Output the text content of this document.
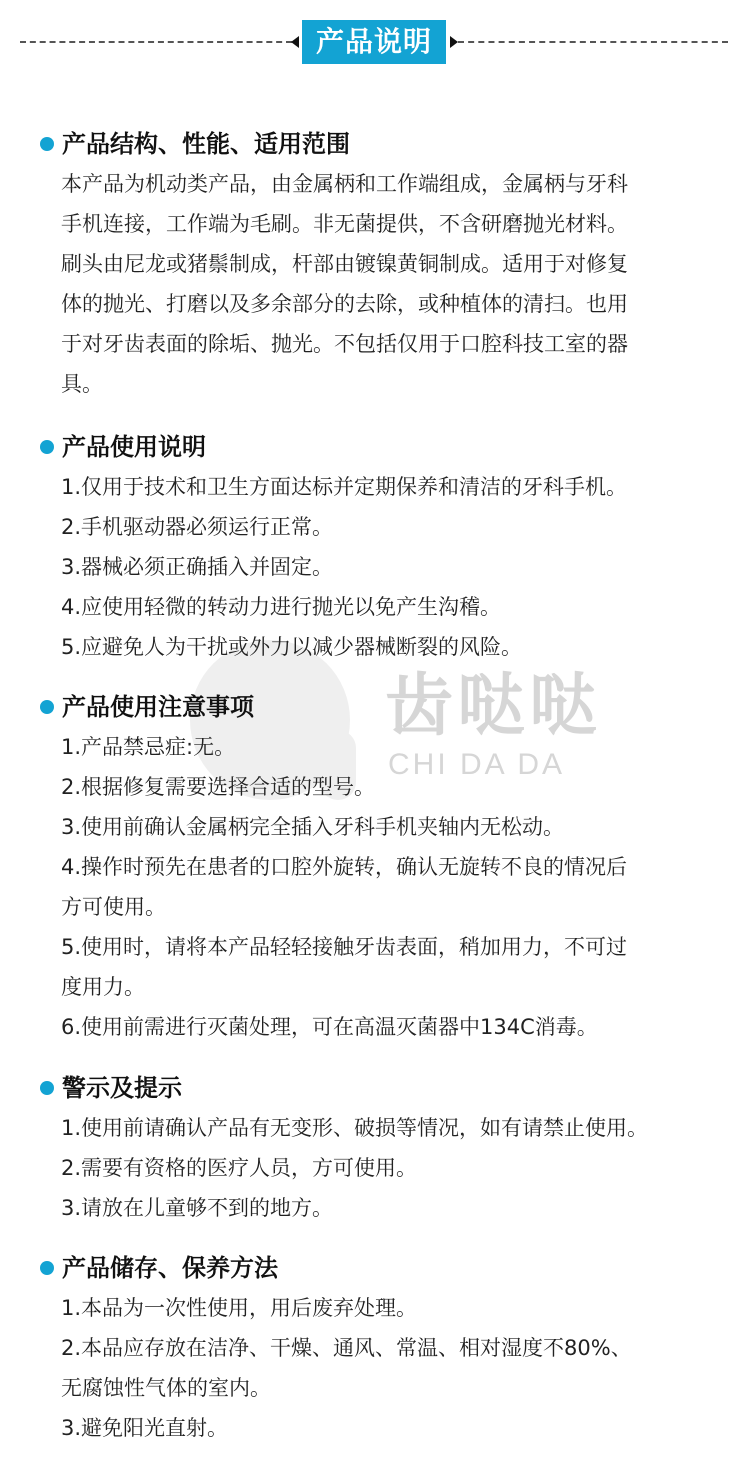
产品说明
齿哒哒
CHI DA DA
产品结构、性能、适用范围
本产品为机动类产品，由金属柄和工作端组成，金属柄与牙科
手机连接，工作端为毛刷。非无菌提供，不含研磨抛光材料。
刷头由尼龙或猪鬃制成，杆部由镀镍黄铜制成。适用于对修复
体的抛光、打磨以及多余部分的去除，或种植体的清扫。也用
于对牙齿表面的除垢、抛光。不包括仅用于口腔科技工室的器
具。
产品使用说明
1.仅用于技术和卫生方面达标并定期保养和清洁的牙科手机。
2.手机驱动器必须运行正常。
3.器械必须正确插入并固定。
4.应使用轻微的转动力进行抛光以免产生沟稽。
5.应避免人为干扰或外力以减少器械断裂的风险。
产品使用注意事项
1.产品禁忌症:无。
2.根据修复需要选择合适的型号。
3.使用前确认金属柄完全插入牙科手机夹轴内无松动。
4.操作时预先在患者的口腔外旋转，确认无旋转不良的情况后
方可使用。
5.使用时，请将本产品轻轻接触牙齿表面，稍加用力，不可过
度用力。
6.使用前需进行灭菌处理，可在高温灭菌器中134C消毒。
警示及提示
1.使用前请确认产品有无变形、破损等情况，如有请禁止使用。
2.需要有资格的医疗人员，方可使用。
3.请放在儿童够不到的地方。
产品储存、保养方法
1.本品为一次性使用，用后废弃处理。
2.本品应存放在洁净、干燥、通风、常温、相对湿度不80%、
无腐蚀性气体的室内。
3.避免阳光直射。
